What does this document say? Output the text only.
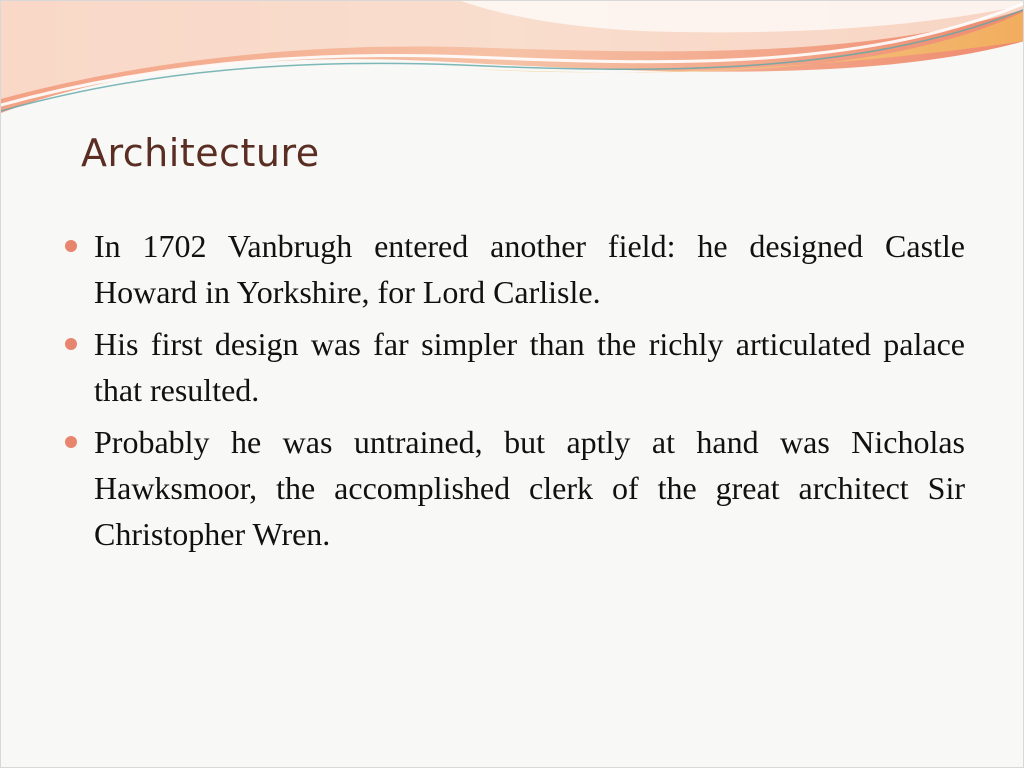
Architecture
In 1702 Vanbrugh entered another field: he designed Castle Howard in Yorkshire, for Lord Carlisle.
His first design was far simpler than the richly articulated palace that resulted.
Probably he was untrained, but aptly at hand was Nicholas Hawksmoor, the accomplished clerk of the great architect Sir Christopher Wren.
